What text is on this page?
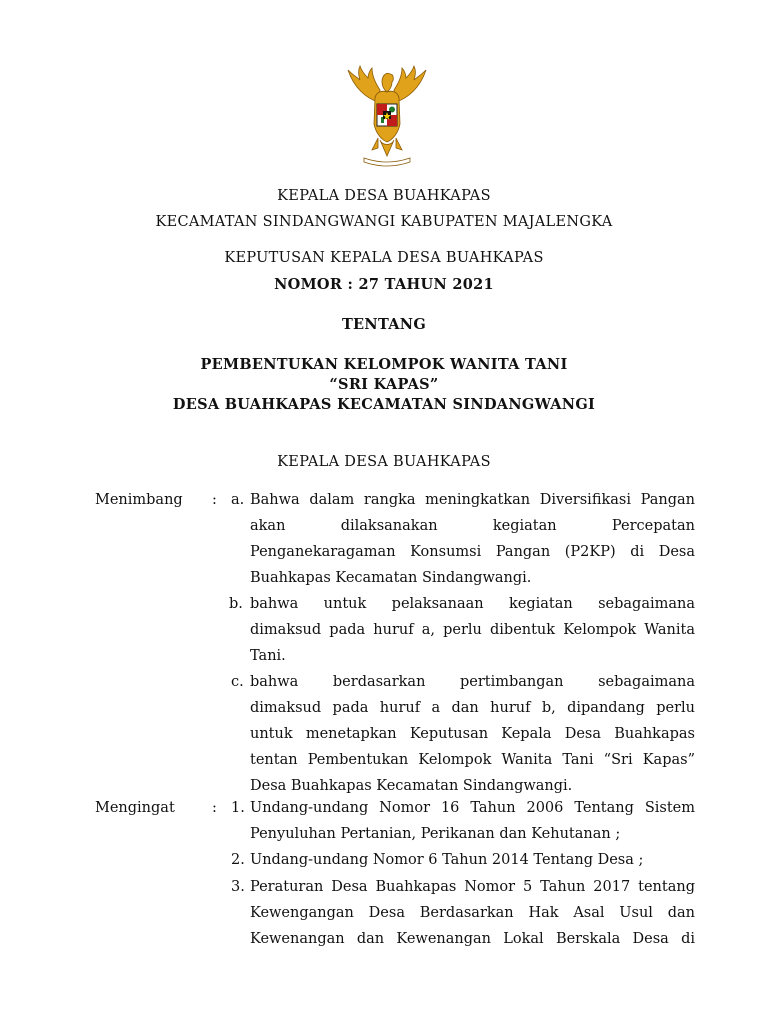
KEPALA DESA BUAHKAPAS
KECAMATAN SINDANGWANGI KABUPATEN MAJALENGKA
KEPUTUSAN KEPALA DESA BUAHKAPAS
NOMOR : 27 TAHUN 2021
TENTANG
PEMBENTUKAN KELOMPOK WANITA TANI
“SRI KAPAS”
DESA BUAHKAPAS KECAMATAN SINDANGWANGI
KEPALA DESA BUAHKAPAS
Menimbang : a. Bahwa dalam rangka meningkatkan Diversifikasi Pangan
akan dilaksanakan kegiatan Percepatan
Penganekaragaman Konsumsi Pangan (P2KP) di Desa
Buahkapas Kecamatan Sindangwangi.
b. bahwa untuk pelaksanaan kegiatan sebagaimana
dimaksud pada huruf a, perlu dibentuk Kelompok Wanita
Tani.
c. bahwa berdasarkan pertimbangan sebagaimana
dimaksud pada huruf a dan huruf b, dipandang perlu
untuk menetapkan Keputusan Kepala Desa Buahkapas
tentan Pembentukan Kelompok Wanita Tani “Sri Kapas”
Desa Buahkapas Kecamatan Sindangwangi.
Mengingat	: 1. Undang-undang Nomor 16 Tahun 2006 Tentang Sistem
Penyuluhan Pertanian, Perikanan dan Kehutanan ;
2. Undang-undang Nomor 6 Tahun 2014 Tentang Desa ;
3. Peraturan Desa Buahkapas Nomor 5 Tahun 2017 tentang
Kewengangan Desa Berdasarkan Hak Asal Usul dan
Kewenangan dan Kewenangan Lokal Berskala Desa di
